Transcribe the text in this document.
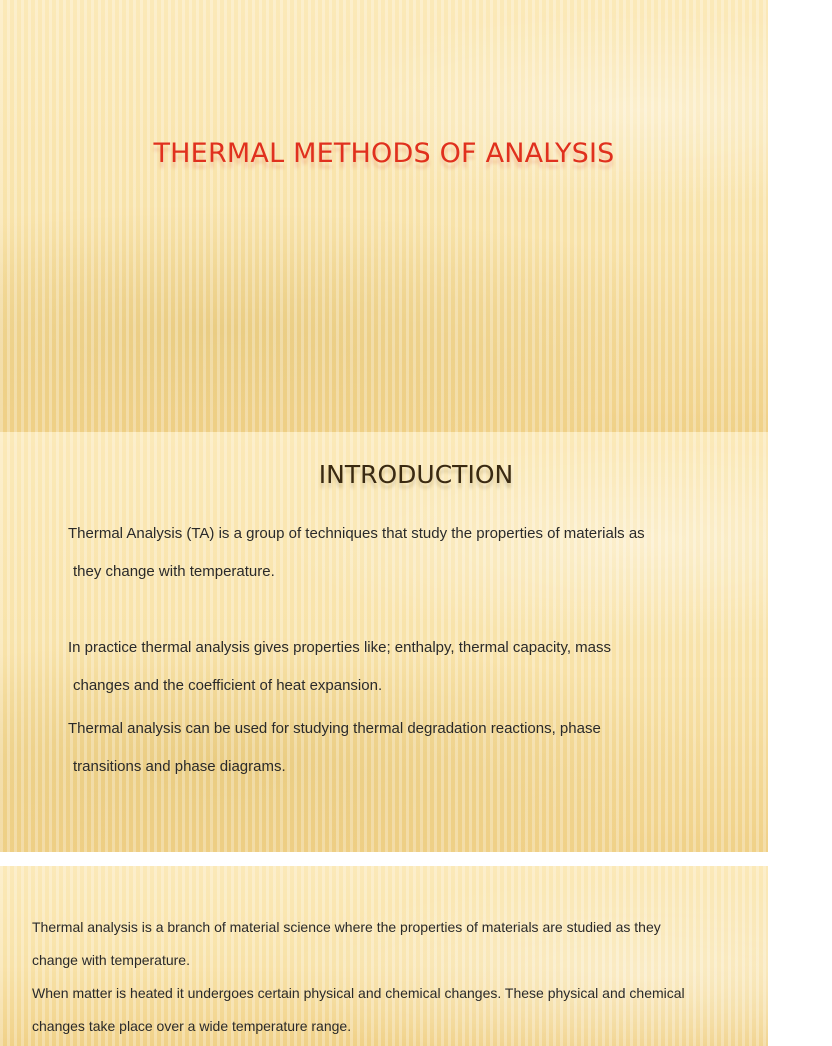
THERMAL METHODS OF ANALYSIS
INTRODUCTION

Thermal Analysis (TA) is a group of techniques that study the properties of materials as
they change with temperature.

In practice thermal analysis gives properties like; enthalpy, thermal capacity, mass
changes and the coefficient of heat expansion.

Thermal analysis can be used for studying thermal degradation reactions, phase
transitions and phase diagrams.

Thermal analysis is a branch of material science where the properties of materials are studied as they
change with temperature.
When matter is heated it undergoes certain physical and chemical changes. These physical and chemical
changes take place over a wide temperature range.
